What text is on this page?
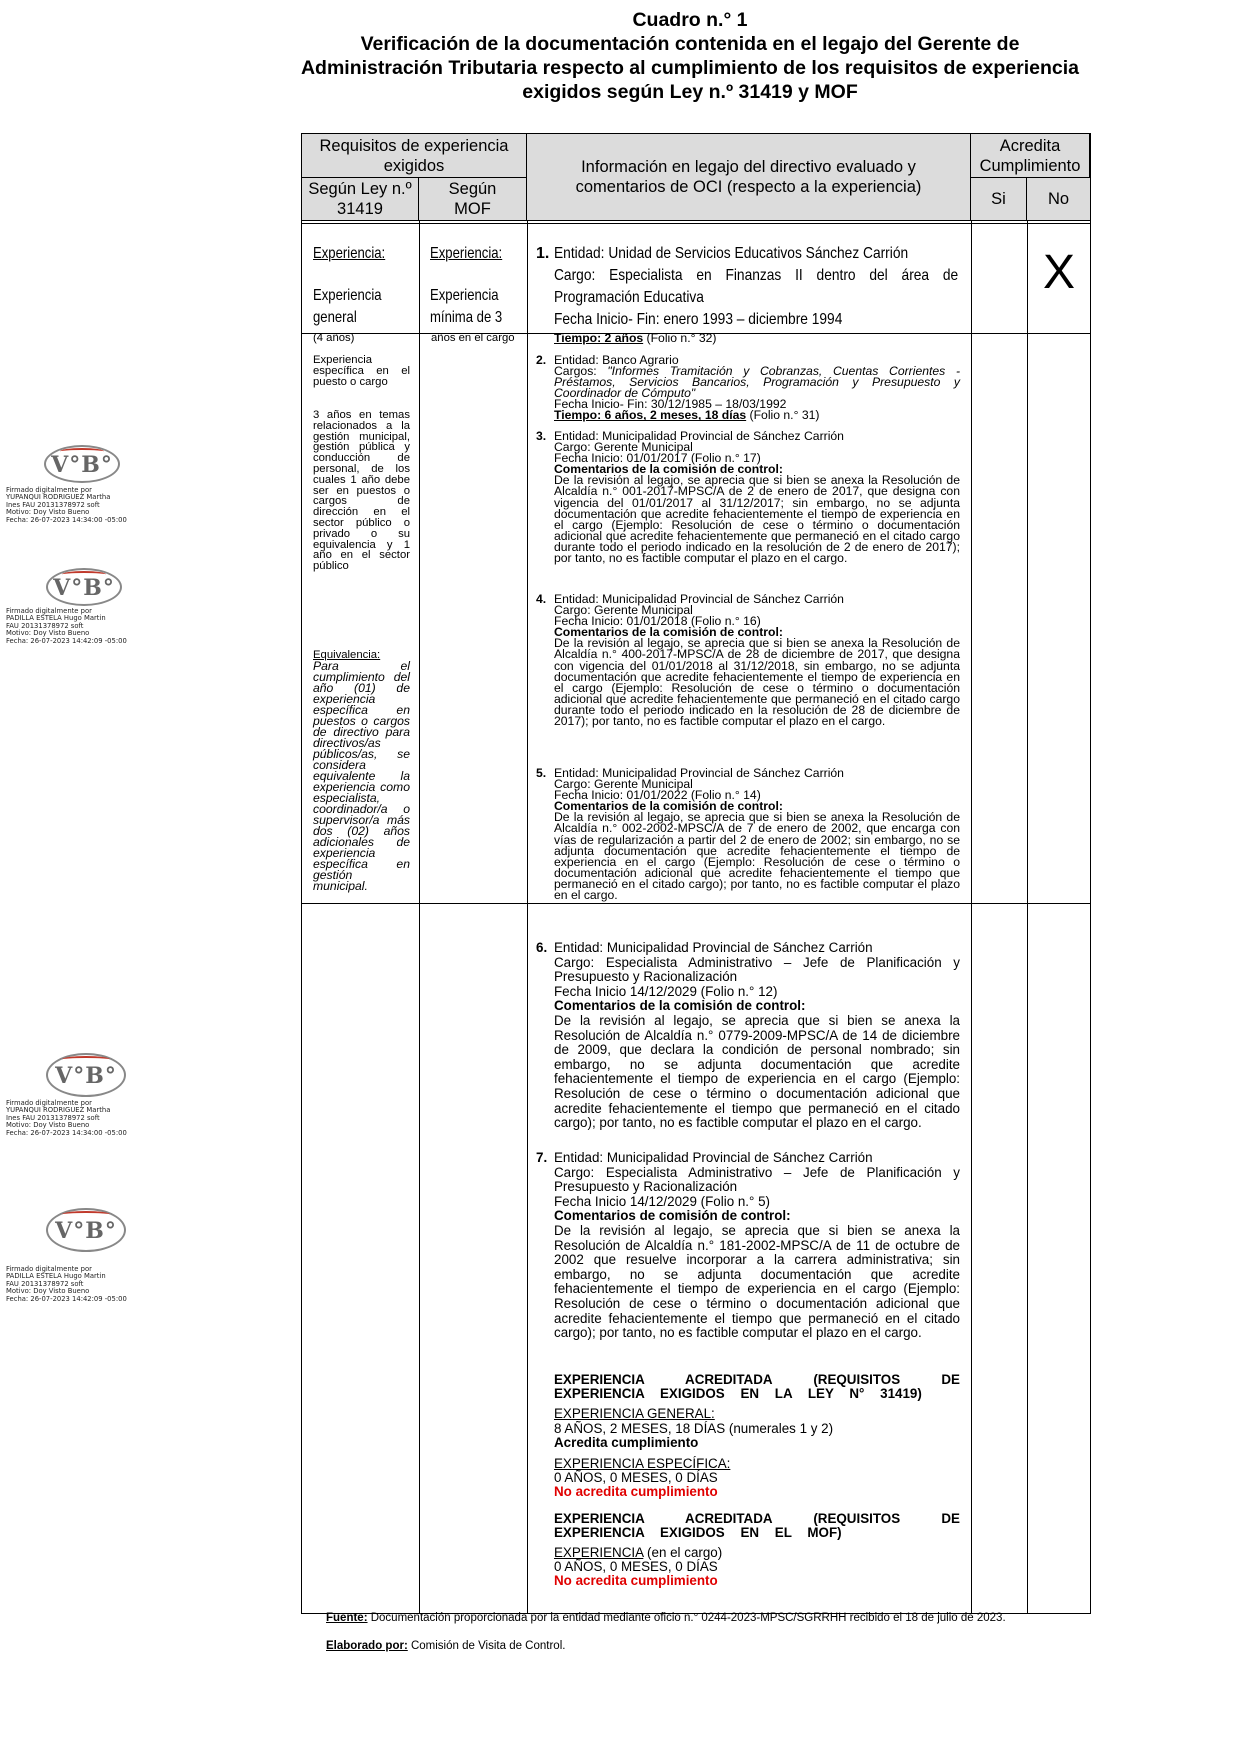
Cuadro n.° 1
Verificación de la documentación contenida en el legajo del Gerente de
Administración Tributaria respecto al cumplimiento de los requisitos de experiencia
exigidos según Ley n.º 31419 y MOF
V°B°
Firmado digitalmente por
YUPANQUI RODRIGUEZ Martha
Ines FAU 20131378972 soft
Motivo: Doy Visto Bueno
Fecha: 26-07-2023 14:34:00 -05:00
V°B°
Firmado digitalmente por
PADILLA ESTELA Hugo Martin
FAU 20131378972 soft
Motivo: Doy Visto Bueno
Fecha: 26-07-2023 14:42:09 -05:00
V°B°
Firmado digitalmente por
YUPANQUI RODRIGUEZ Martha
Ines FAU 20131378972 soft
Motivo: Doy Visto Bueno
Fecha: 26-07-2023 14:34:00 -05:00
V°B°
Firmado digitalmente por
PADILLA ESTELA Hugo Martin
FAU 20131378972 soft
Motivo: Doy Visto Bueno
Fecha: 26-07-2023 14:42:09 -05:00
Requisitos de experiencia exigidos
Según Ley n.º 31419
Según MOF
Información en legajo del directivo evaluado y comentarios de OCI (respecto a la experiencia)
Acredita Cumplimiento
Si	No
X
Experiencia:
Experiencia general
(4 años)
Experiencia específica en el puesto o cargo
3 años en temas relacionados a la gestión municipal, gestión pública y conducción de personal, de los cuales 1 año debe ser en puestos o cargos de dirección en el sector público o privado o su equivalencia y 1 año en el sector público
Equivalencia:
Para el cumplimiento del año (01) de experiencia específica en puestos o cargos de directivo para directivos/as públicos/as, se considera equivalente la experiencia como especialista, coordinador/a o supervisor/a más dos (02) años adicionales de experiencia específica en gestión municipal.
Experiencia:
Experiencia mínima de 3
años en el cargo
1. Entidad: Unidad de Servicios Educativos Sánchez Carrión
Cargo: Especialista en Finanzas II dentro del área de Programación Educativa
Fecha Inicio- Fin: enero 1993 – diciembre 1994
Tiempo: 2 años (Folio n.° 32)
2. Entidad: Banco Agrario
Cargos: "Informes Tramitación y Cobranzas, Cuentas Corrientes - Préstamos, Servicios Bancarios, Programación y Presupuesto y Coordinador de Cómputo"
Fecha Inicio- Fin: 30/12/1985 – 18/03/1992
Tiempo: 6 años, 2 meses, 18 días (Folio n.° 31)
3. Entidad: Municipalidad Provincial de Sánchez Carrión
Cargo: Gerente Municipal
Fecha Inicio: 01/01/2017 (Folio n.° 17)
Comentarios de la comisión de control:
De la revisión al legajo, se aprecia que si bien se anexa la Resolución de Alcaldía n.° 001-2017-MPSC/A de 2 de enero de 2017, que designa con vigencia del 01/01/2017 al 31/12/2017; sin embargo, no se adjunta documentación que acredite fehacientemente el tiempo de experiencia en el cargo (Ejemplo: Resolución de cese o término o documentación adicional que acredite fehacientemente que permaneció en el citado cargo durante todo el periodo indicado en la resolución de 2 de enero de 2017); por tanto, no es factible computar el plazo en el cargo.
4. Entidad: Municipalidad Provincial de Sánchez Carrión
Cargo: Gerente Municipal
Fecha Inicio: 01/01/2018 (Folio n.° 16)
Comentarios de la comisión de control:
De la revisión al legajo, se aprecia que si bien se anexa la Resolución de Alcaldía n.° 400-2017-MPSC/A de 28 de diciembre de 2017, que designa con vigencia del 01/01/2018 al 31/12/2018, sin embargo, no se adjunta documentación que acredite fehacientemente el tiempo de experiencia en el cargo (Ejemplo: Resolución de cese o término o documentación adicional que acredite fehacientemente que permaneció en el citado cargo durante todo el periodo indicado en la resolución de 28 de diciembre de 2017); por tanto, no es factible computar el plazo en el cargo.
5. Entidad: Municipalidad Provincial de Sánchez Carrión
Cargo: Gerente Municipal
Fecha Inicio: 01/01/2022 (Folio n.° 14)
Comentarios de la comisión de control:
De la revisión al legajo, se aprecia que si bien se anexa la Resolución de Alcaldía n.° 002-2002-MPSC/A de 7 de enero de 2002, que encarga con vías de regularización a partir del 2 de enero de 2002; sin embargo, no se adjunta documentación que acredite fehacientemente el tiempo de experiencia en el cargo (Ejemplo: Resolución de cese o término o documentación adicional que acredite fehacientemente el tiempo que permaneció en el citado cargo); por tanto, no es factible computar el plazo en el cargo.
6. Entidad: Municipalidad Provincial de Sánchez Carrión
Cargo: Especialista Administrativo – Jefe de Planificación y Presupuesto y Racionalización
Fecha Inicio 14/12/2029 (Folio n.° 12)
Comentarios de la comisión de control:
De la revisión al legajo, se aprecia que si bien se anexa la Resolución de Alcaldía n.° 0779-2009-MPSC/A de 14 de diciembre de 2009, que declara la condición de personal nombrado; sin embargo, no se adjunta documentación que acredite fehacientemente el tiempo de experiencia en el cargo (Ejemplo: Resolución de cese o término o documentación adicional que acredite fehacientemente el tiempo que permaneció en el citado cargo); por tanto, no es factible computar el plazo en el cargo.
7. Entidad: Municipalidad Provincial de Sánchez Carrión
Cargo: Especialista Administrativo – Jefe de Planificación y Presupuesto y Racionalización
Fecha Inicio 14/12/2029 (Folio n.° 5)
Comentarios de comisión de control:
De la revisión al legajo, se aprecia que si bien se anexa la Resolución de Alcaldía n.° 181-2002-MPSC/A de 11 de octubre de 2002 que resuelve incorporar a la carrera administrativa; sin embargo, no se adjunta documentación que acredite fehacientemente el tiempo de experiencia en el cargo (Ejemplo: Resolución de cese o término o documentación adicional que acredite fehacientemente el tiempo que permaneció en el citado cargo); por tanto, no es factible computar el plazo en el cargo.
EXPERIENCIA ACREDITADA (REQUISITOS DE EXPERIENCIA EXIGIDOS EN LA LEY N° 31419)
EXPERIENCIA GENERAL:
8 AÑOS, 2 MESES, 18 DÍAS (numerales 1 y 2)
Acredita cumplimiento
EXPERIENCIA ESPECÍFICA:
0 AÑOS, 0 MESES, 0 DÍAS
No acredita cumplimiento
EXPERIENCIA ACREDITADA (REQUISITOS DE EXPERIENCIA EXIGIDOS EN EL MOF)
EXPERIENCIA (en el cargo)
0 AÑOS, 0 MESES, 0 DÍAS
No acredita cumplimiento
Fuente: Documentación proporcionada por la entidad mediante oficio n.° 0244-2023-MPSC/SGRRHH recibido el 18 de julio de 2023.
Elaborado por: Comisión de Visita de Control.
